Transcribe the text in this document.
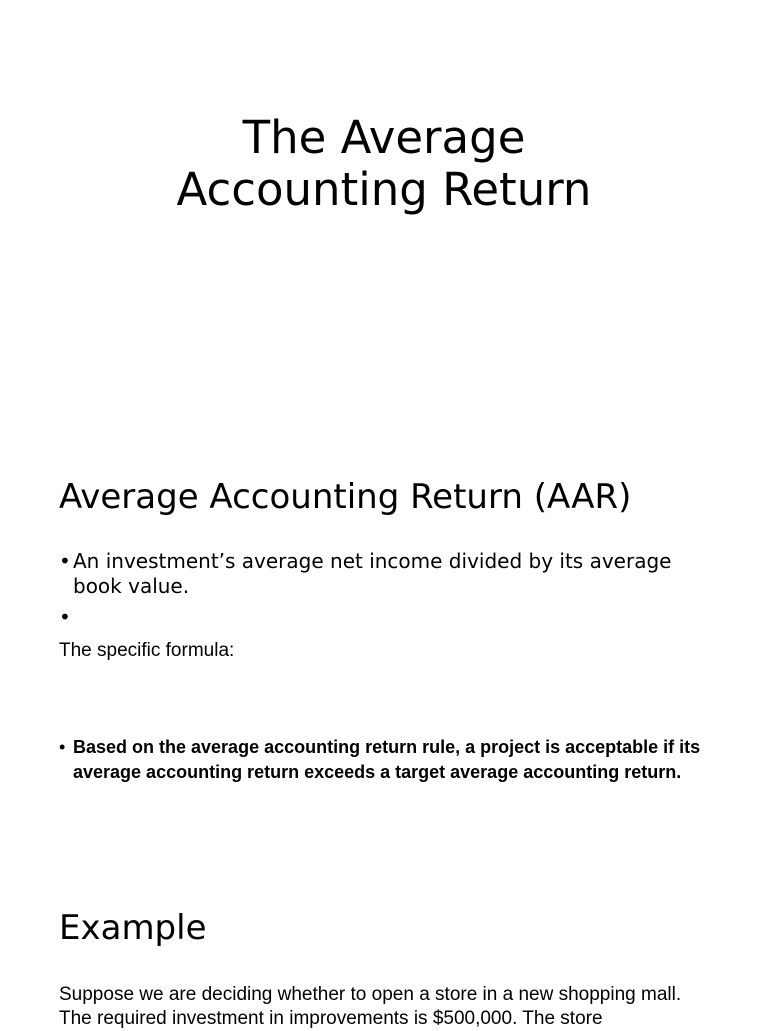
The Average
Accounting Return
Average Accounting Return (AAR)
• An investment’s average net income divided by its average book value.
•
The specific formula:
• Based on the average accounting return rule, a project is acceptable if its average accounting return exceeds a target average accounting return.
Example
Suppose we are deciding whether to open a store in a new shopping mall. The required investment in improvements is $500,000. The store
